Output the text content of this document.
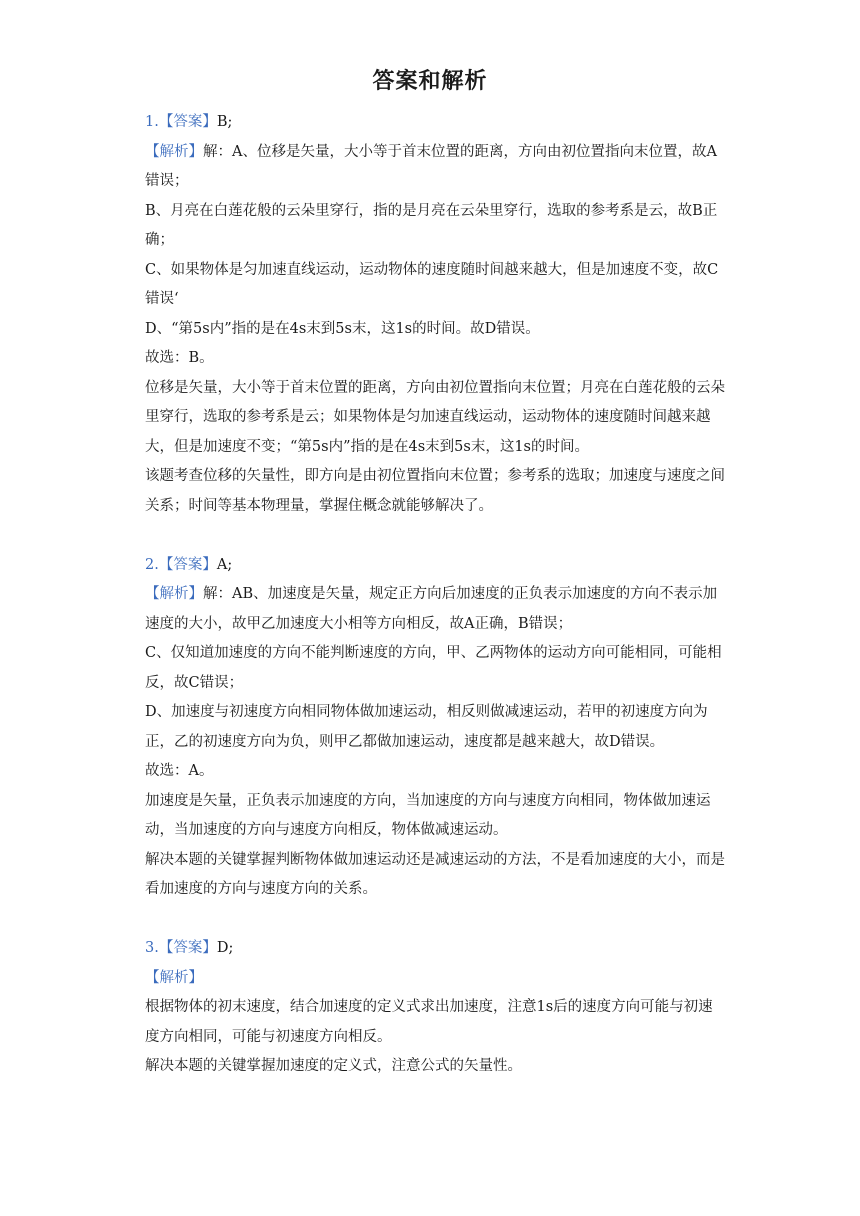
答案和解析

1.【答案】B;

【解析】解：A、位移是矢量，大小等于首末位置的距离，方向由初位置指向末位置，故A错误；

B、月亮在白莲花般的云朵里穿行，指的是月亮在云朵里穿行，选取的参考系是云，故B正确；

C、如果物体是匀加速直线运动，运动物体的速度随时间越来越大，但是加速度不变，故C错误‘

D、“第5s内”指的是在4s末到5s末，这1s的时间。故D错误。

故选：B。

位移是矢量，大小等于首末位置的距离，方向由初位置指向末位置；月亮在白莲花般的云朵里穿行，选取的参考系是云；如果物体是匀加速直线运动，运动物体的速度随时间越来越大，但是加速度不变；“第5s内”指的是在4s末到5s末，这1s的时间。

该题考查位移的矢量性，即方向是由初位置指向末位置；参考系的选取；加速度与速度之间关系；时间等基本物理量，掌握住概念就能够解决了。

2.【答案】A;

【解析】解：AB、加速度是矢量，规定正方向后加速度的正负表示加速度的方向不表示加速度的大小，故甲乙加速度大小相等方向相反，故A正确，B错误；

C、仅知道加速度的方向不能判断速度的方向，甲、乙两物体的运动方向可能相同，可能相反，故C错误；

D、加速度与初速度方向相同物体做加速运动，相反则做减速运动，若甲的初速度方向为正，乙的初速度方向为负，则甲乙都做加速运动，速度都是越来越大，故D错误。

故选：A。

加速度是矢量，正负表示加速度的方向，当加速度的方向与速度方向相同，物体做加速运动，当加速度的方向与速度方向相反，物体做减速运动。

解决本题的关键掌握判断物体做加速运动还是减速运动的方法，不是看加速度的大小，而是看加速度的方向与速度方向的关系。

3.【答案】D;

【解析】

根据物体的初末速度，结合加速度的定义式求出加速度，注意1s后的速度方向可能与初速度方向相同，可能与初速度方向相反。

解决本题的关键掌握加速度的定义式，注意公式的矢量性。
